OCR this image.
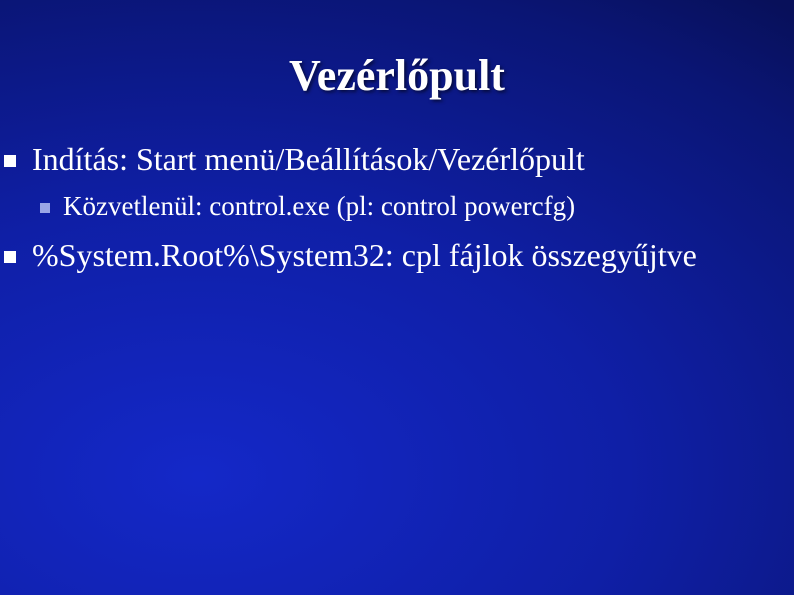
Vezérlőpult
Indítás: Start menü/Beállítások/Vezérlőpult
Közvetlenül: control.exe (pl: control powercfg)
%System.Root%\System32: cpl fájlok összegyűjtve
